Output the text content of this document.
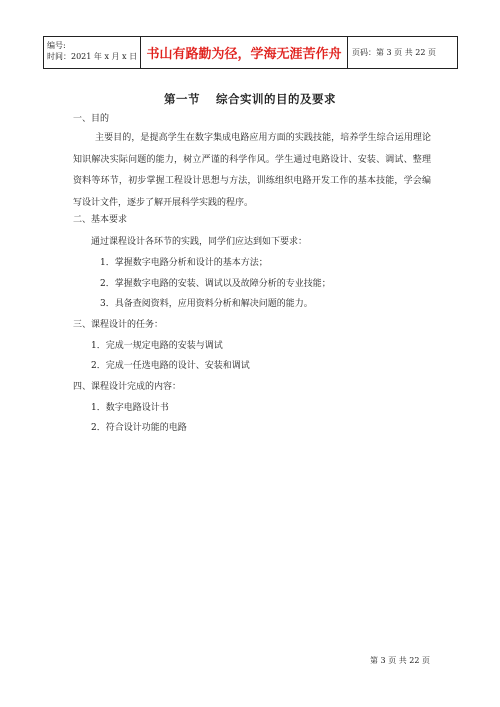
编号:
时间：2021 年 x 月 x 日 书山有路勤为径，学海无涯苦作舟	页码：第 3 页 共 22 页
第一节 综合实训的目的及要求
一、目的
主要目的，是提高学生在数字集成电路应用方面的实践技能，培养学生综合运用理论知识解决实际问题的能力，树立严谨的科学作风。学生通过电路设计、安装、调试、整理资料等环节，初步掌握工程设计思想与方法，训练组织电路开发工作的基本技能，学会编写设计文件，逐步了解开展科学实践的程序。
二、基本要求
通过课程设计各环节的实践，同学们应达到如下要求：
1．掌握数字电路分析和设计的基本方法；
2．掌握数字电路的安装、调试以及故障分析的专业技能；
3．具备查阅资料，应用资料分析和解决问题的能力。
三、课程设计的任务：
1．完成一规定电路的安装与调试
2．完成一任选电路的设计、安装和调试
四、课程设计完成的内容：
1．数字电路设计书
2．符合设计功能的电路
第 3 页 共 22 页
